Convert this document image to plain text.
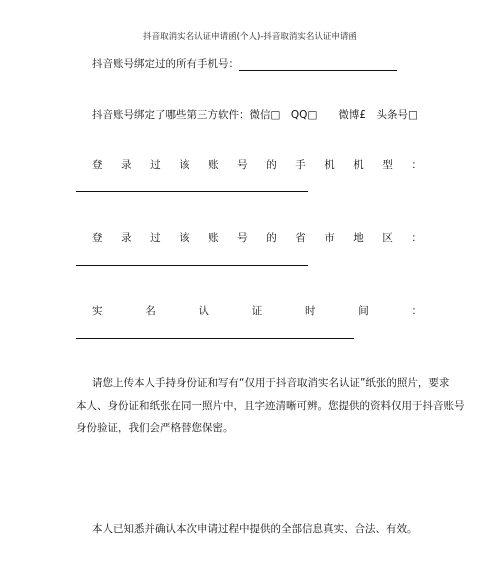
抖音取消实名认证申请函(个人)-抖音取消实名认证申请函
抖音账号绑定过的所有手机号：
抖音账号绑定了哪些第三方软件：微信□　QQ□　　微博£　头条号□
登 录 过 该 账 号 的 手 机 机 型 ：
登 录 过 该 账 号 的 省 市 地 区 ：
实	名	认	证	时	间	：
请您上传本人手持身份证和写有“仅用于抖音取消实名认证”纸张的照片，要求
本人、身份证和纸张在同一照片中，且字迹清晰可辨。您提供的资料仅用于抖音账号
身份验证，我们会严格替您保密。
本人已知悉并确认本次申请过程中提供的全部信息真实、合法、有效。
